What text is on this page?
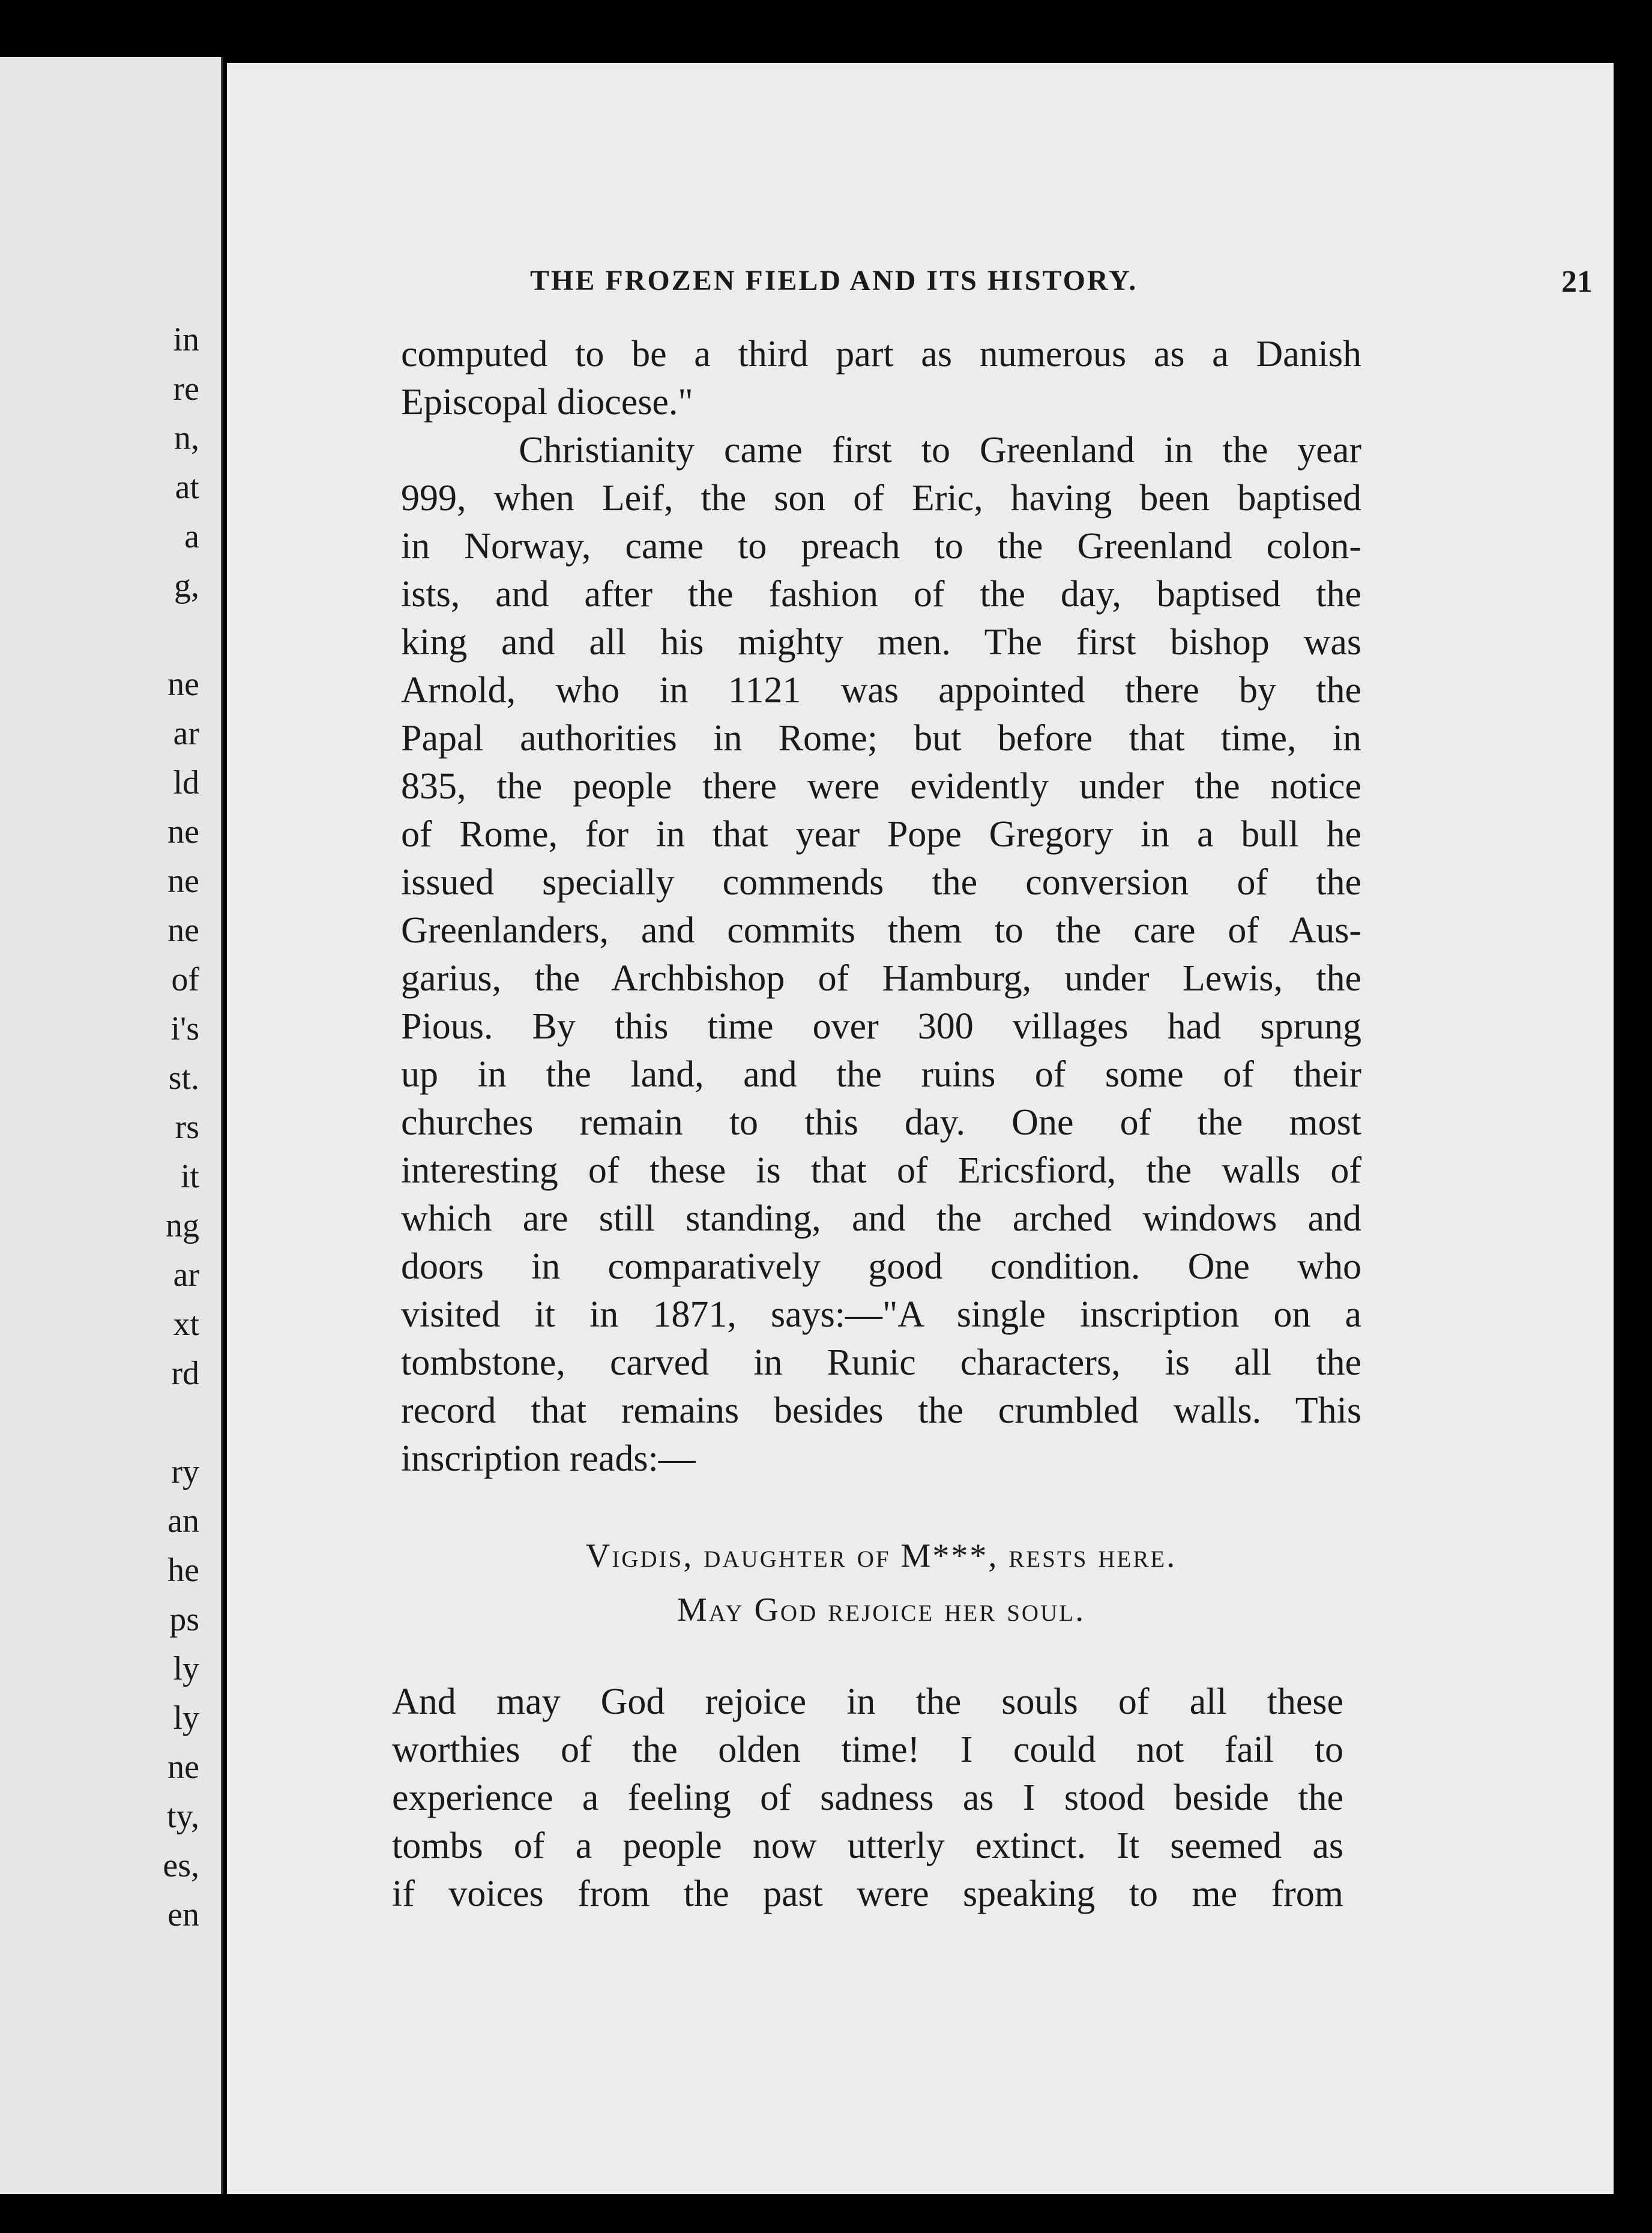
in
re
n,
at
a
g,
ne
ar
ld
ne
ne
ne
of
i's
st.
rs
it
ng
ar
xt
rd
ry
an
he
ps
ly
ly
ne
ty,
es,
en
THE FROZEN FIELD AND ITS HISTORY.	21
computed to be a third part as numerous as a Danish
Episcopal diocese."
Christianity came first to Greenland in the year
999, when Leif, the son of Eric, having been baptised
in Norway, came to preach to the Greenland colon-
ists, and after the fashion of the day, baptised the
king and all his mighty men. The first bishop was
Arnold, who in 1121 was appointed there by the
Papal authorities in Rome; but before that time, in
835, the people there were evidently under the notice
of Rome, for in that year Pope Gregory in a bull he
issued specially commends the conversion of the
Greenlanders, and commits them to the care of Aus-
garius, the Archbishop of Hamburg, under Lewis, the
Pious. By this time over 300 villages had sprung
up in the land, and the ruins of some of their
churches remain to this day. One of the most
interesting of these is that of Ericsfiord, the walls of
which are still standing, and the arched windows and
doors in comparatively good condition. One who
visited it in 1871, says:—"A single inscription on a
tombstone, carved in Runic characters, is all the
record that remains besides the crumbled walls. This
inscription reads:—
Vigdis, daughter of M***, rests here.
May God rejoice her soul.
And may God rejoice in the souls of all these
worthies of the olden time! I could not fail to
experience a feeling of sadness as I stood beside the
tombs of a people now utterly extinct. It seemed as
if voices from the past were speaking to me from
